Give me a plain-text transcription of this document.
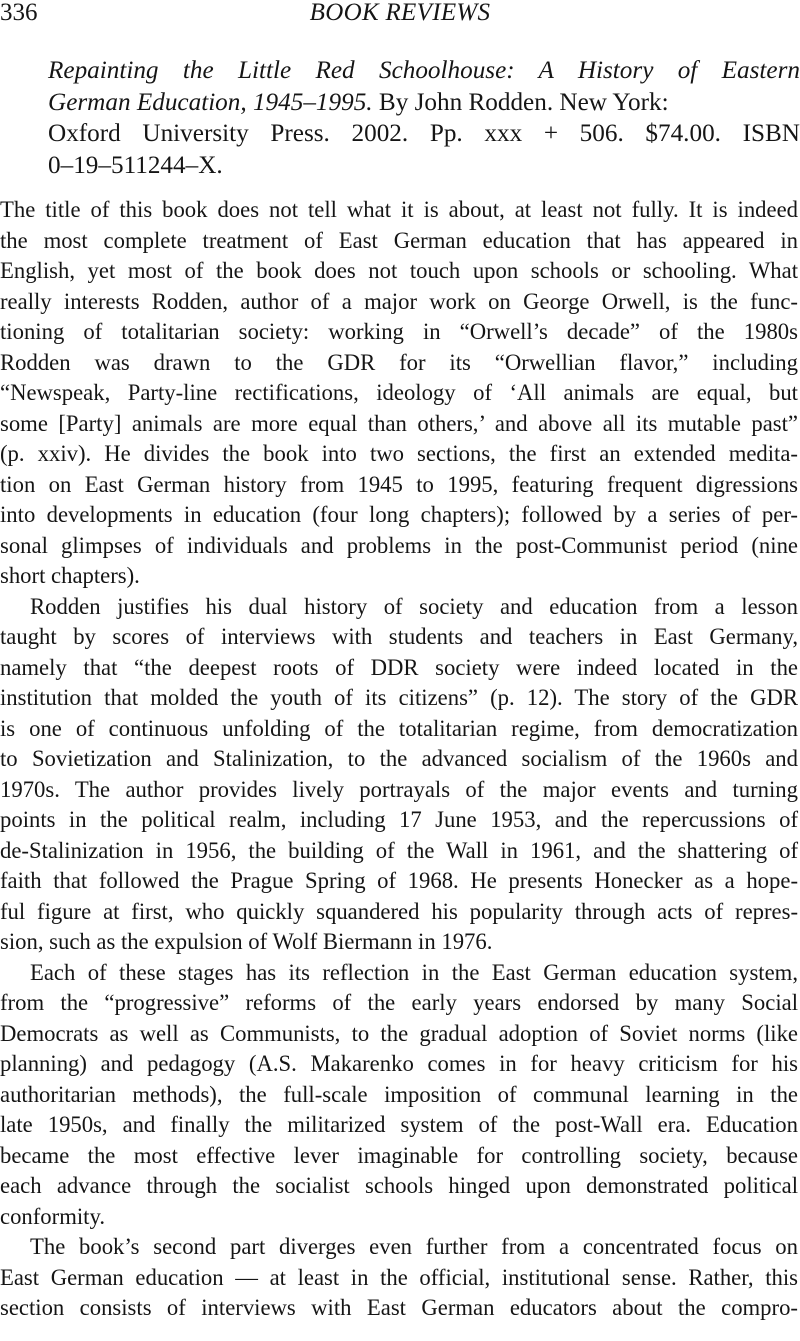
336	BOOK REVIEWS
Repainting the Little Red Schoolhouse: A History of Eastern
German Education, 1945–1995. By John Rodden. New York:
Oxford University Press. 2002. Pp. xxx + 506. $74.00. ISBN
0–19–511244–X.

The title of this book does not tell what it is about, at least not fully. It is indeed
the most complete treatment of East German education that has appeared in
English, yet most of the book does not touch upon schools or schooling. What
really interests Rodden, author of a major work on George Orwell, is the func-
tioning of totalitarian society: working in “Orwell’s decade” of the 1980s
Rodden was drawn to the GDR for its “Orwellian flavor,” including
“Newspeak, Party-line rectifications, ideology of ‘All animals are equal, but
some [Party] animals are more equal than others,’ and above all its mutable past”
(p. xxiv). He divides the book into two sections, the first an extended medita-
tion on East German history from 1945 to 1995, featuring frequent digressions
into developments in education (four long chapters); followed by a series of per-
sonal glimpses of individuals and problems in the post-Communist period (nine
short chapters).

Rodden justifies his dual history of society and education from a lesson
taught by scores of interviews with students and teachers in East Germany,
namely that “the deepest roots of DDR society were indeed located in the
institution that molded the youth of its citizens” (p. 12). The story of the GDR
is one of continuous unfolding of the totalitarian regime, from democratization
to Sovietization and Stalinization, to the advanced socialism of the 1960s and
1970s. The author provides lively portrayals of the major events and turning
points in the political realm, including 17 June 1953, and the repercussions of
de-Stalinization in 1956, the building of the Wall in 1961, and the shattering of
faith that followed the Prague Spring of 1968. He presents Honecker as a hope-
ful figure at first, who quickly squandered his popularity through acts of repres-
sion, such as the expulsion of Wolf Biermann in 1976.

Each of these stages has its reflection in the East German education system,
from the “progressive” reforms of the early years endorsed by many Social
Democrats as well as Communists, to the gradual adoption of Soviet norms (like
planning) and pedagogy (A.S. Makarenko comes in for heavy criticism for his
authoritarian methods), the full-scale imposition of communal learning in the
late 1950s, and finally the militarized system of the post-Wall era. Education
became the most effective lever imaginable for controlling society, because
each advance through the socialist schools hinged upon demonstrated political
conformity.

The book’s second part diverges even further from a concentrated focus on
East German education — at least in the official, institutional sense. Rather, this
section consists of interviews with East German educators about the compro-
